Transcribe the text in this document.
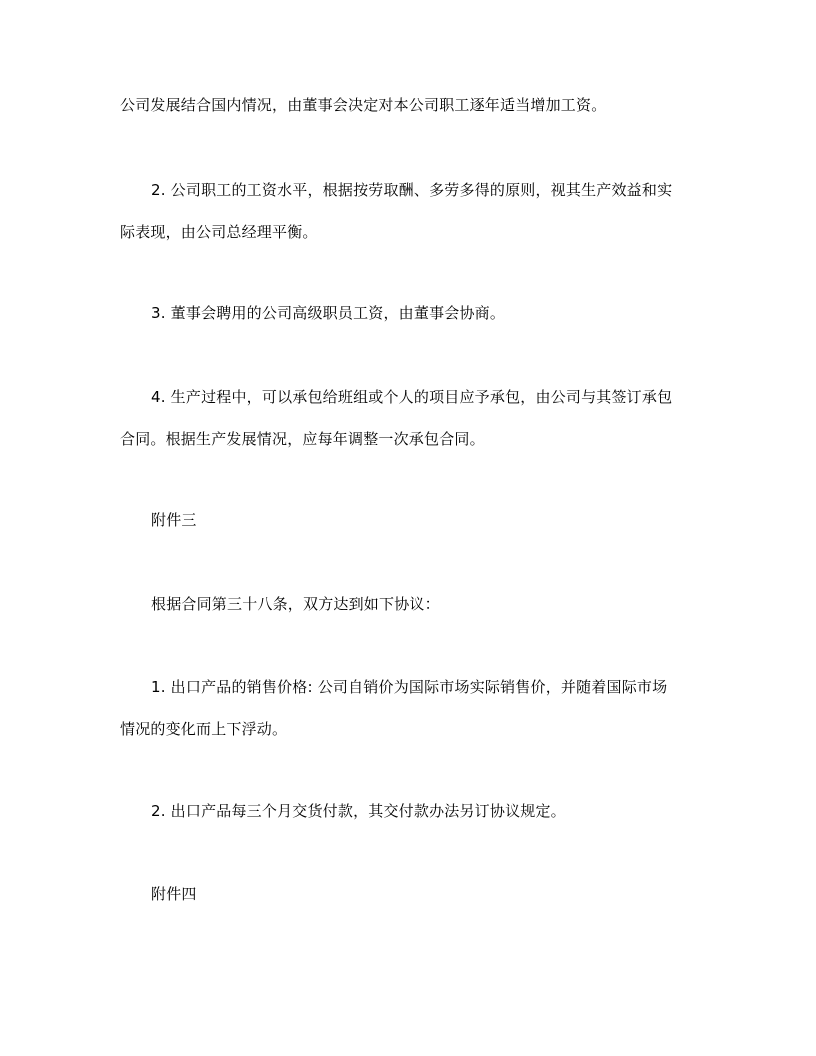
公司发展结合国内情况，由董事会决定对本公司职工逐年适当增加工资。
2. 公司职工的工资水平，根据按劳取酬、多劳多得的原则，视其生产效益和实
际表现，由公司总经理平衡。
3. 董事会聘用的公司高级职员工资，由董事会协商。
4. 生产过程中，可以承包给班组或个人的项目应予承包，由公司与其签订承包
合同。根据生产发展情况，应每年调整一次承包合同。
附件三
根据合同第三十八条，双方达到如下协议：
1. 出口产品的销售价格: 公司自销价为国际市场实际销售价，并随着国际市场
情况的变化而上下浮动。
2. 出口产品每三个月交货付款，其交付款办法另订协议规定。
附件四
